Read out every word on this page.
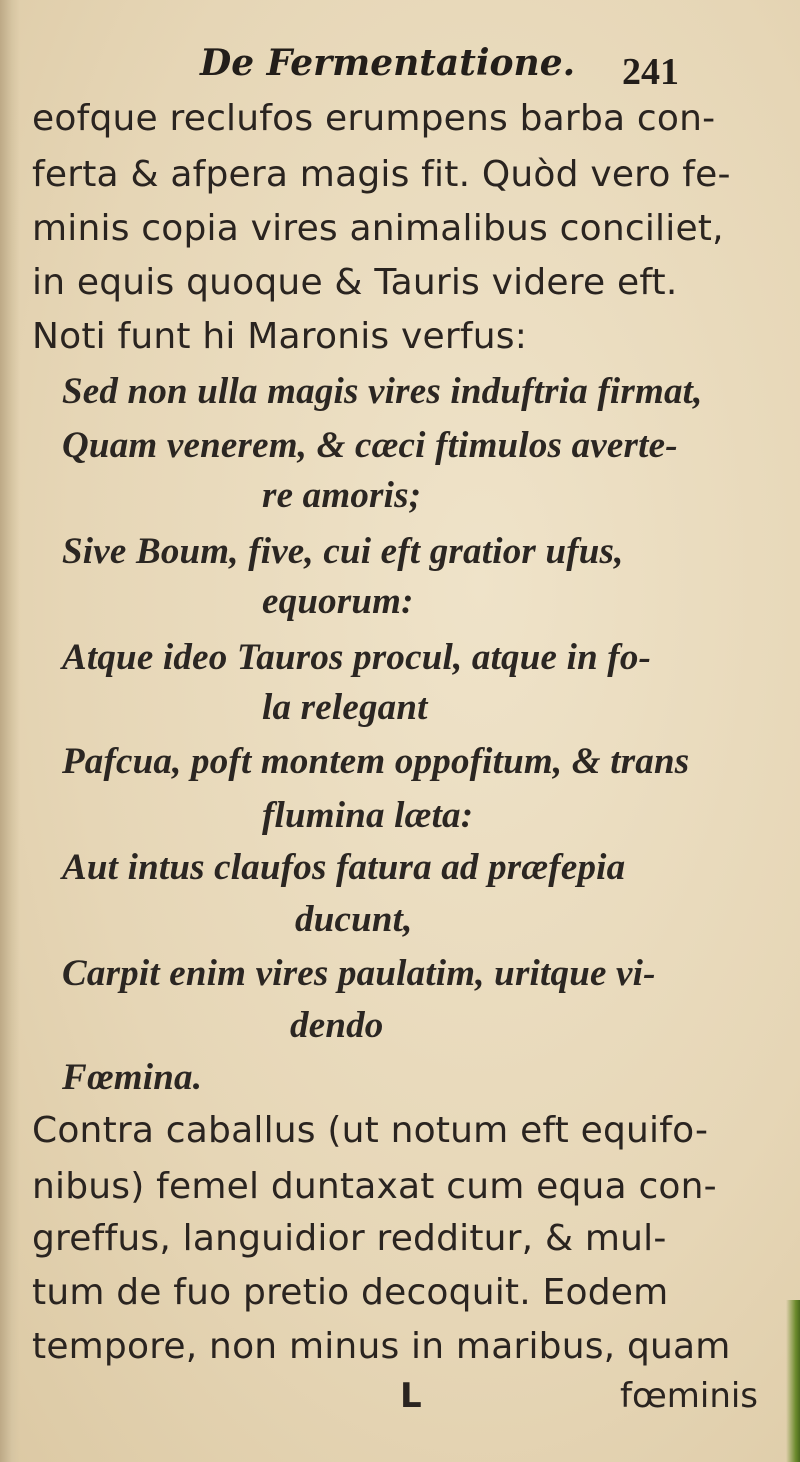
De Fermentatione. 241
eofque reclufos erumpens barba con-
ferta & afpera magis fit. Quòd vero fe-
minis copia vires animalibus conciliet,
in equis quoque & Tauris videre eft.
Noti funt hi Maronis verfus:
Sed non ulla magis vires induftria firmat,
Quam venerem, & cæci ftimulos averte-
re amoris;
Sive Boum, five, cui eft gratior ufus,
equorum:
Atque ideo Tauros procul, atque in fo-
la relegant
Pafcua, poft montem oppofitum, & trans
flumina læta:
Aut intus claufos fatura ad præfepia
ducunt,
Carpit enim vires paulatim, uritque vi-
dendo
Fœmina.
Contra caballus (ut notum eft equifo-
nibus) femel duntaxat cum equa con-
greffus, languidior redditur, & mul-
tum de fuo pretio decoquit. Eodem
tempore, non minus in maribus, quam
L	fœminis
